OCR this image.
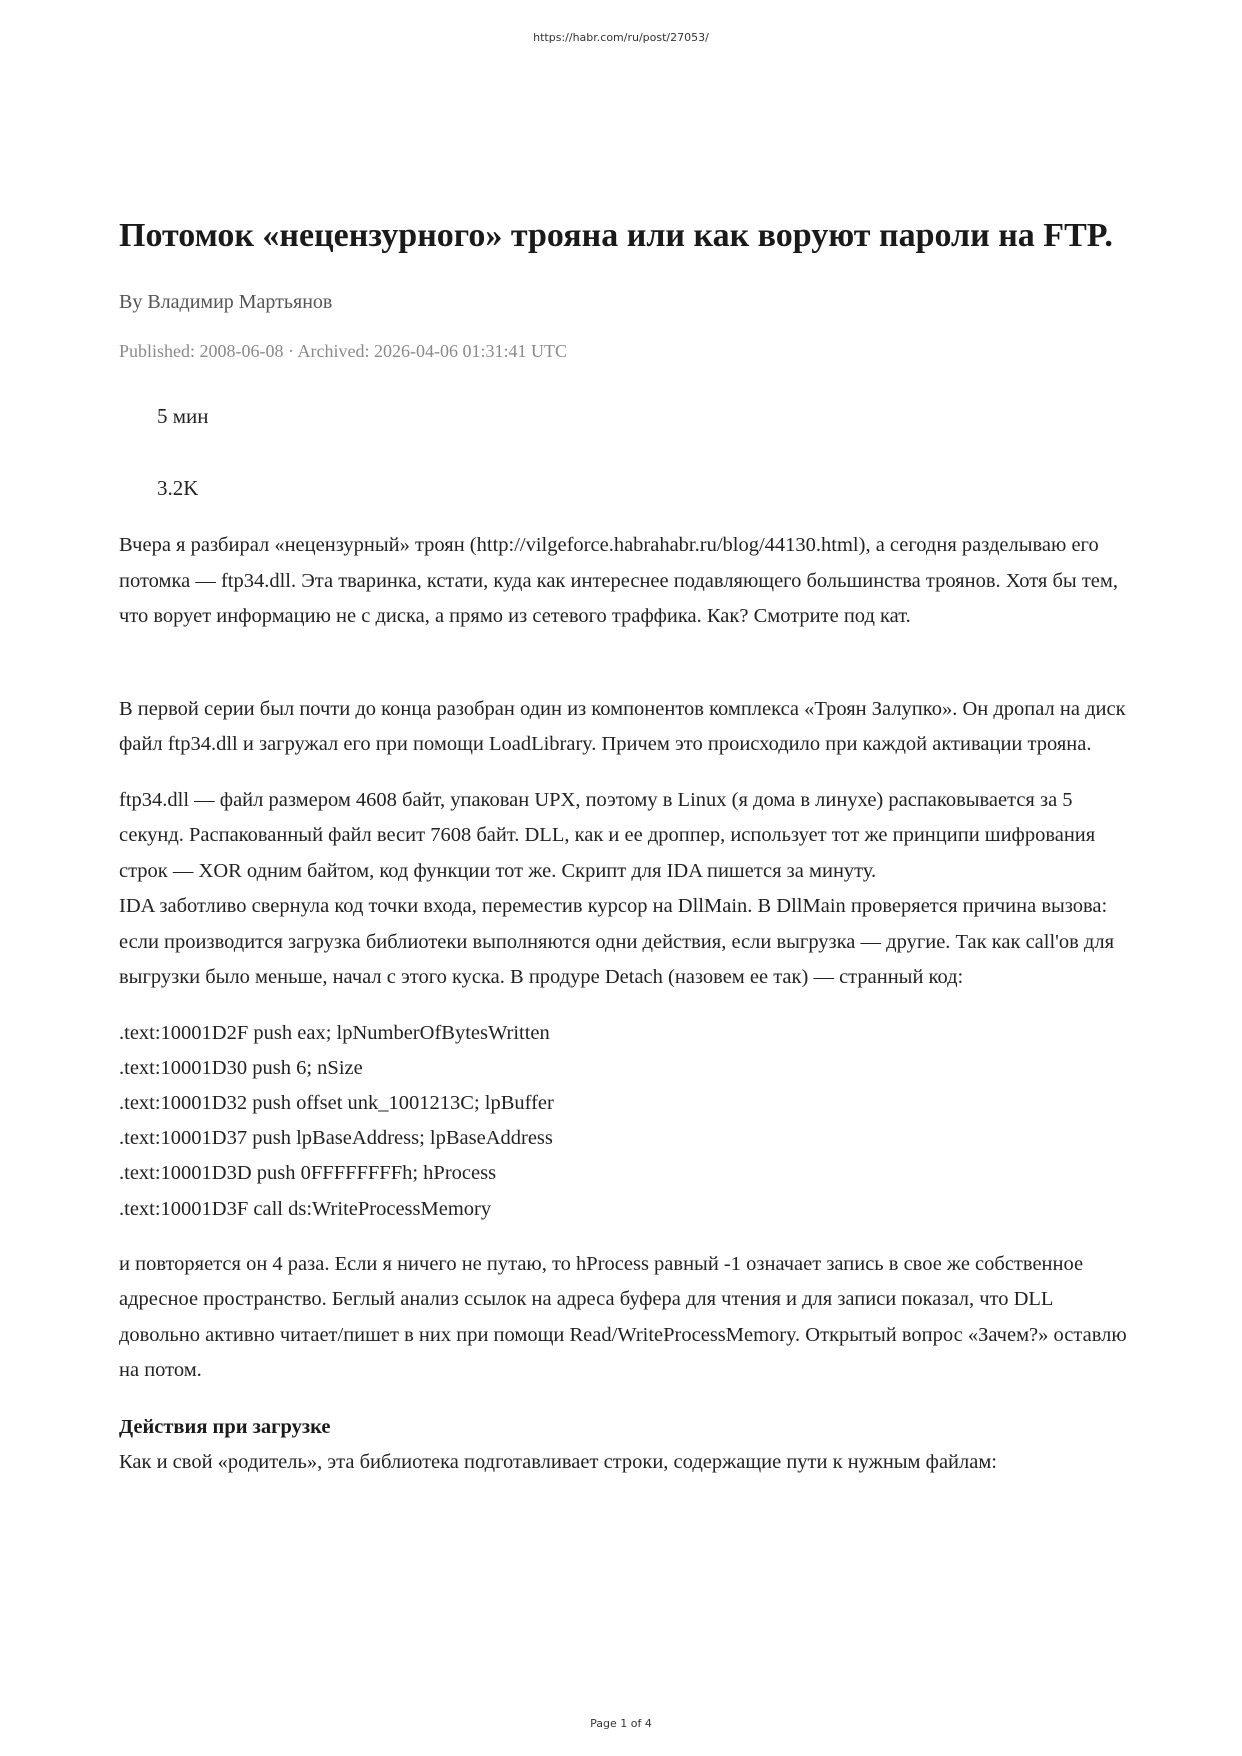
https://habr.com/ru/post/27053/
Потомок «нецензурного» трояна или как воруют пароли на FTP.
By Владимир Мартьянов
Published: 2008-06-08 · Archived: 2026-04-06 01:31:41 UTC
5 мин
3.2K

Вчера я разбирал «нецензурный» троян (http://vilgeforce.habrahabr.ru/blog/44130.html), а сегодня разделываю его потомка — ftp34.dll. Эта тваринка, кстати, куда как интереснее подавляющего большинства троянов. Хотя бы тем, что ворует информацию не с диска, а прямо из сетевого траффика. Как? Смотрите под кат.

В первой серии был почти до конца разобран один из компонентов комплекса «Троян Залупко». Он дропал на диск файл ftp34.dll и загружал его при помощи LoadLibrary. Причем это происходило при каждой активации трояна.

ftp34.dll — файл размером 4608 байт, упакован UPX, поэтому в Linux (я дома в линухе) распаковывается за 5 секунд. Распакованный файл весит 7608 байт. DLL, как и ее дроппер, использует тот же принципи шифрования строк — XOR одним байтом, код функции тот же. Скрипт для IDA пишется за минуту.

IDA заботливо свернула код точки входа, переместив курсор на DllMain. В DllMain проверяется причина вызова: если производится загрузка библиотеки выполняются одни действия, если выгрузка — другие. Так как call'ов для выгрузки было меньше, начал с этого куска. В продуре Detach (назовем ее так) — странный код:

.text:10001D2F push eax; lpNumberOfBytesWritten
.text:10001D30 push 6; nSize
.text:10001D32 push offset unk_1001213C; lpBuffer
.text:10001D37 push lpBaseAddress; lpBaseAddress
.text:10001D3D push 0FFFFFFFFh; hProcess
.text:10001D3F call ds:WriteProcessMemory

и повторяется он 4 раза. Если я ничего не путаю, то hProcess равный -1 означает запись в свое же собственное адресное пространство. Беглый анализ ссылок на адреса буфера для чтения и для записи показал, что DLL довольно активно читает/пишет в них при помощи Read/WriteProcessMemory. Открытый вопрос «Зачем?» оставлю на потом.

Действия при загрузке

Как и свой «родитель», эта библиотека подготавливает строки, содержащие пути к нужным файлам:

Page 1 of 4
